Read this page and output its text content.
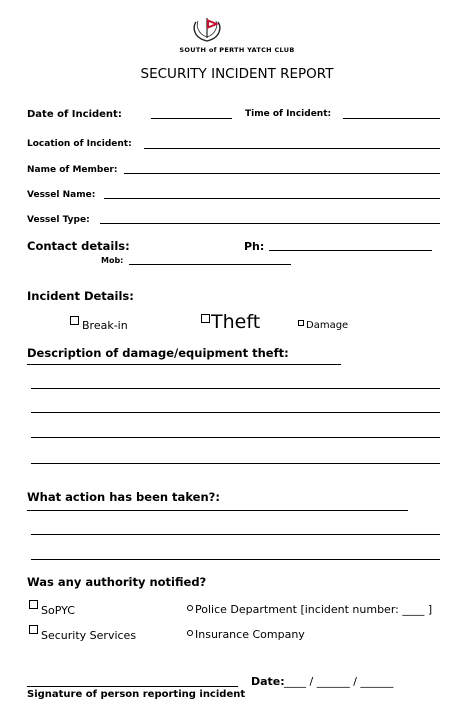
SOUTH of PERTH YATCH CLUB
SECURITY INCIDENT REPORT
Date of Incident:	Time of Incident:
Location of Incident:
Name of Member:
Vessel Name:
Vessel Type:
Contact details:	Ph:
Mob:
Incident Details:
Break-in	Theft	Damage
Description of damage/equipment theft:
What action has been taken?:
Was any authority notified?
SoPYC	Police Department [incident number: ____ ]
Security Services	Insurance Company
Date: ____ / ______ / ______
Signature of person reporting incident
